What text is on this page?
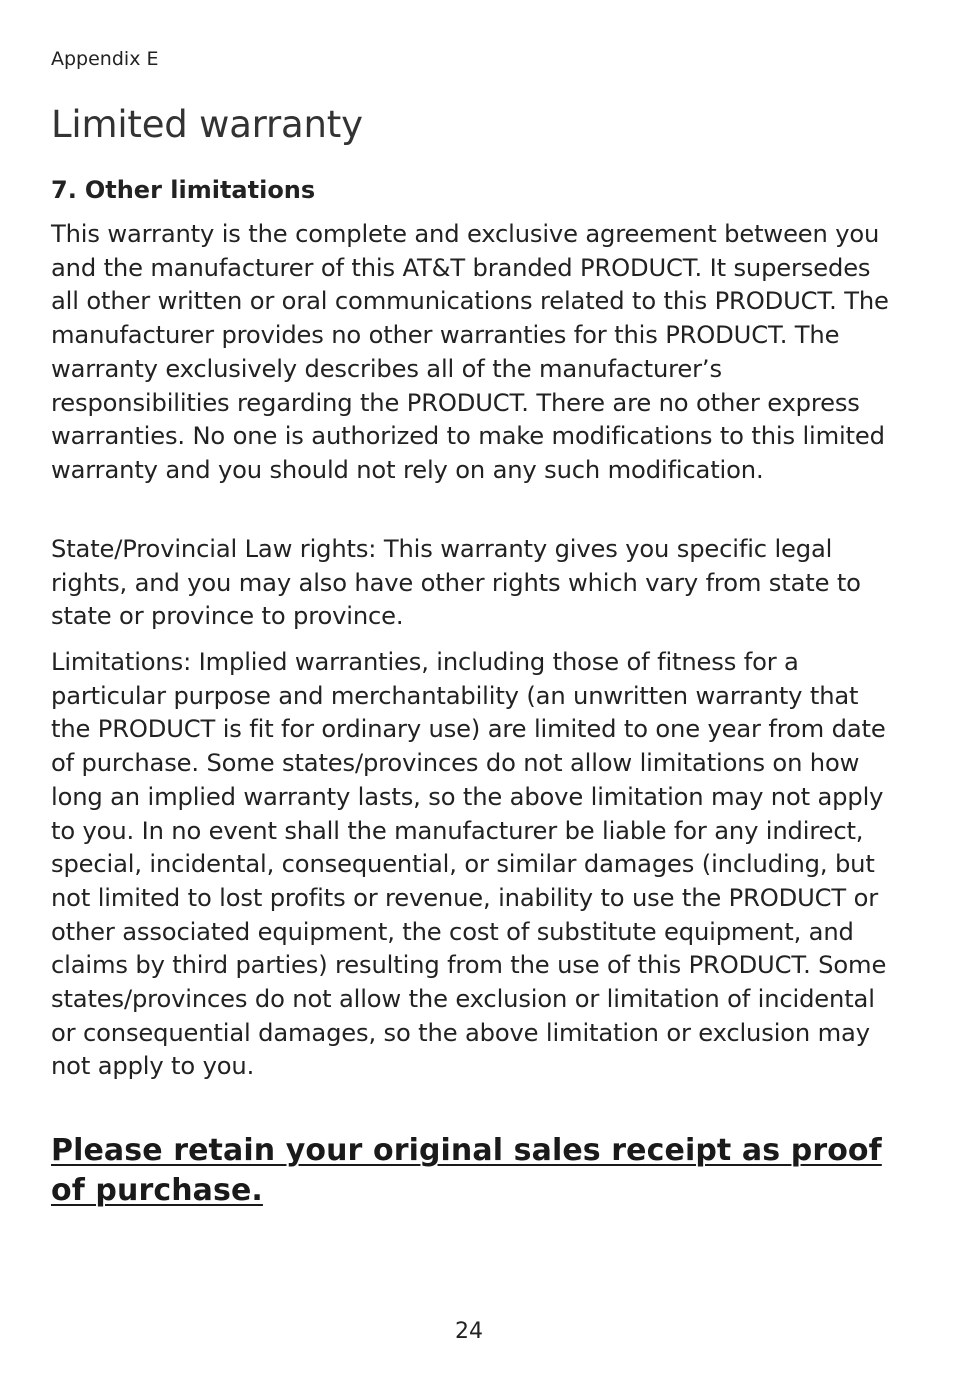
Appendix E
Limited warranty
7. Other limitations

This warranty is the complete and exclusive agreement between you and the manufacturer of this AT&T branded PRODUCT. It supersedes all other written or oral communications related to this PRODUCT. The manufacturer provides no other warranties for this PRODUCT. The warranty exclusively describes all of the manufacturer’s responsibilities regarding the PRODUCT. There are no other express warranties. No one is authorized to make modifications to this limited warranty and you should not rely on any such modification.

State/Provincial Law rights: This warranty gives you specific legal rights, and you may also have other rights which vary from state to state or province to province.

Limitations: Implied warranties, including those of fitness for a particular purpose and merchantability (an unwritten warranty that the PRODUCT is fit for ordinary use) are limited to one year from date of purchase. Some states/provinces do not allow limitations on how long an implied warranty lasts, so the above limitation may not apply to you. In no event shall the manufacturer be liable for any indirect, special, incidental, consequential, or similar damages (including, but not limited to lost profits or revenue, inability to use the PRODUCT or other associated equipment, the cost of substitute equipment, and claims by third parties) resulting from the use of this PRODUCT. Some states/provinces do not allow the exclusion or limitation of incidental or consequential damages, so the above limitation or exclusion may not apply to you.

Please retain your original sales receipt as proof of purchase.

24
